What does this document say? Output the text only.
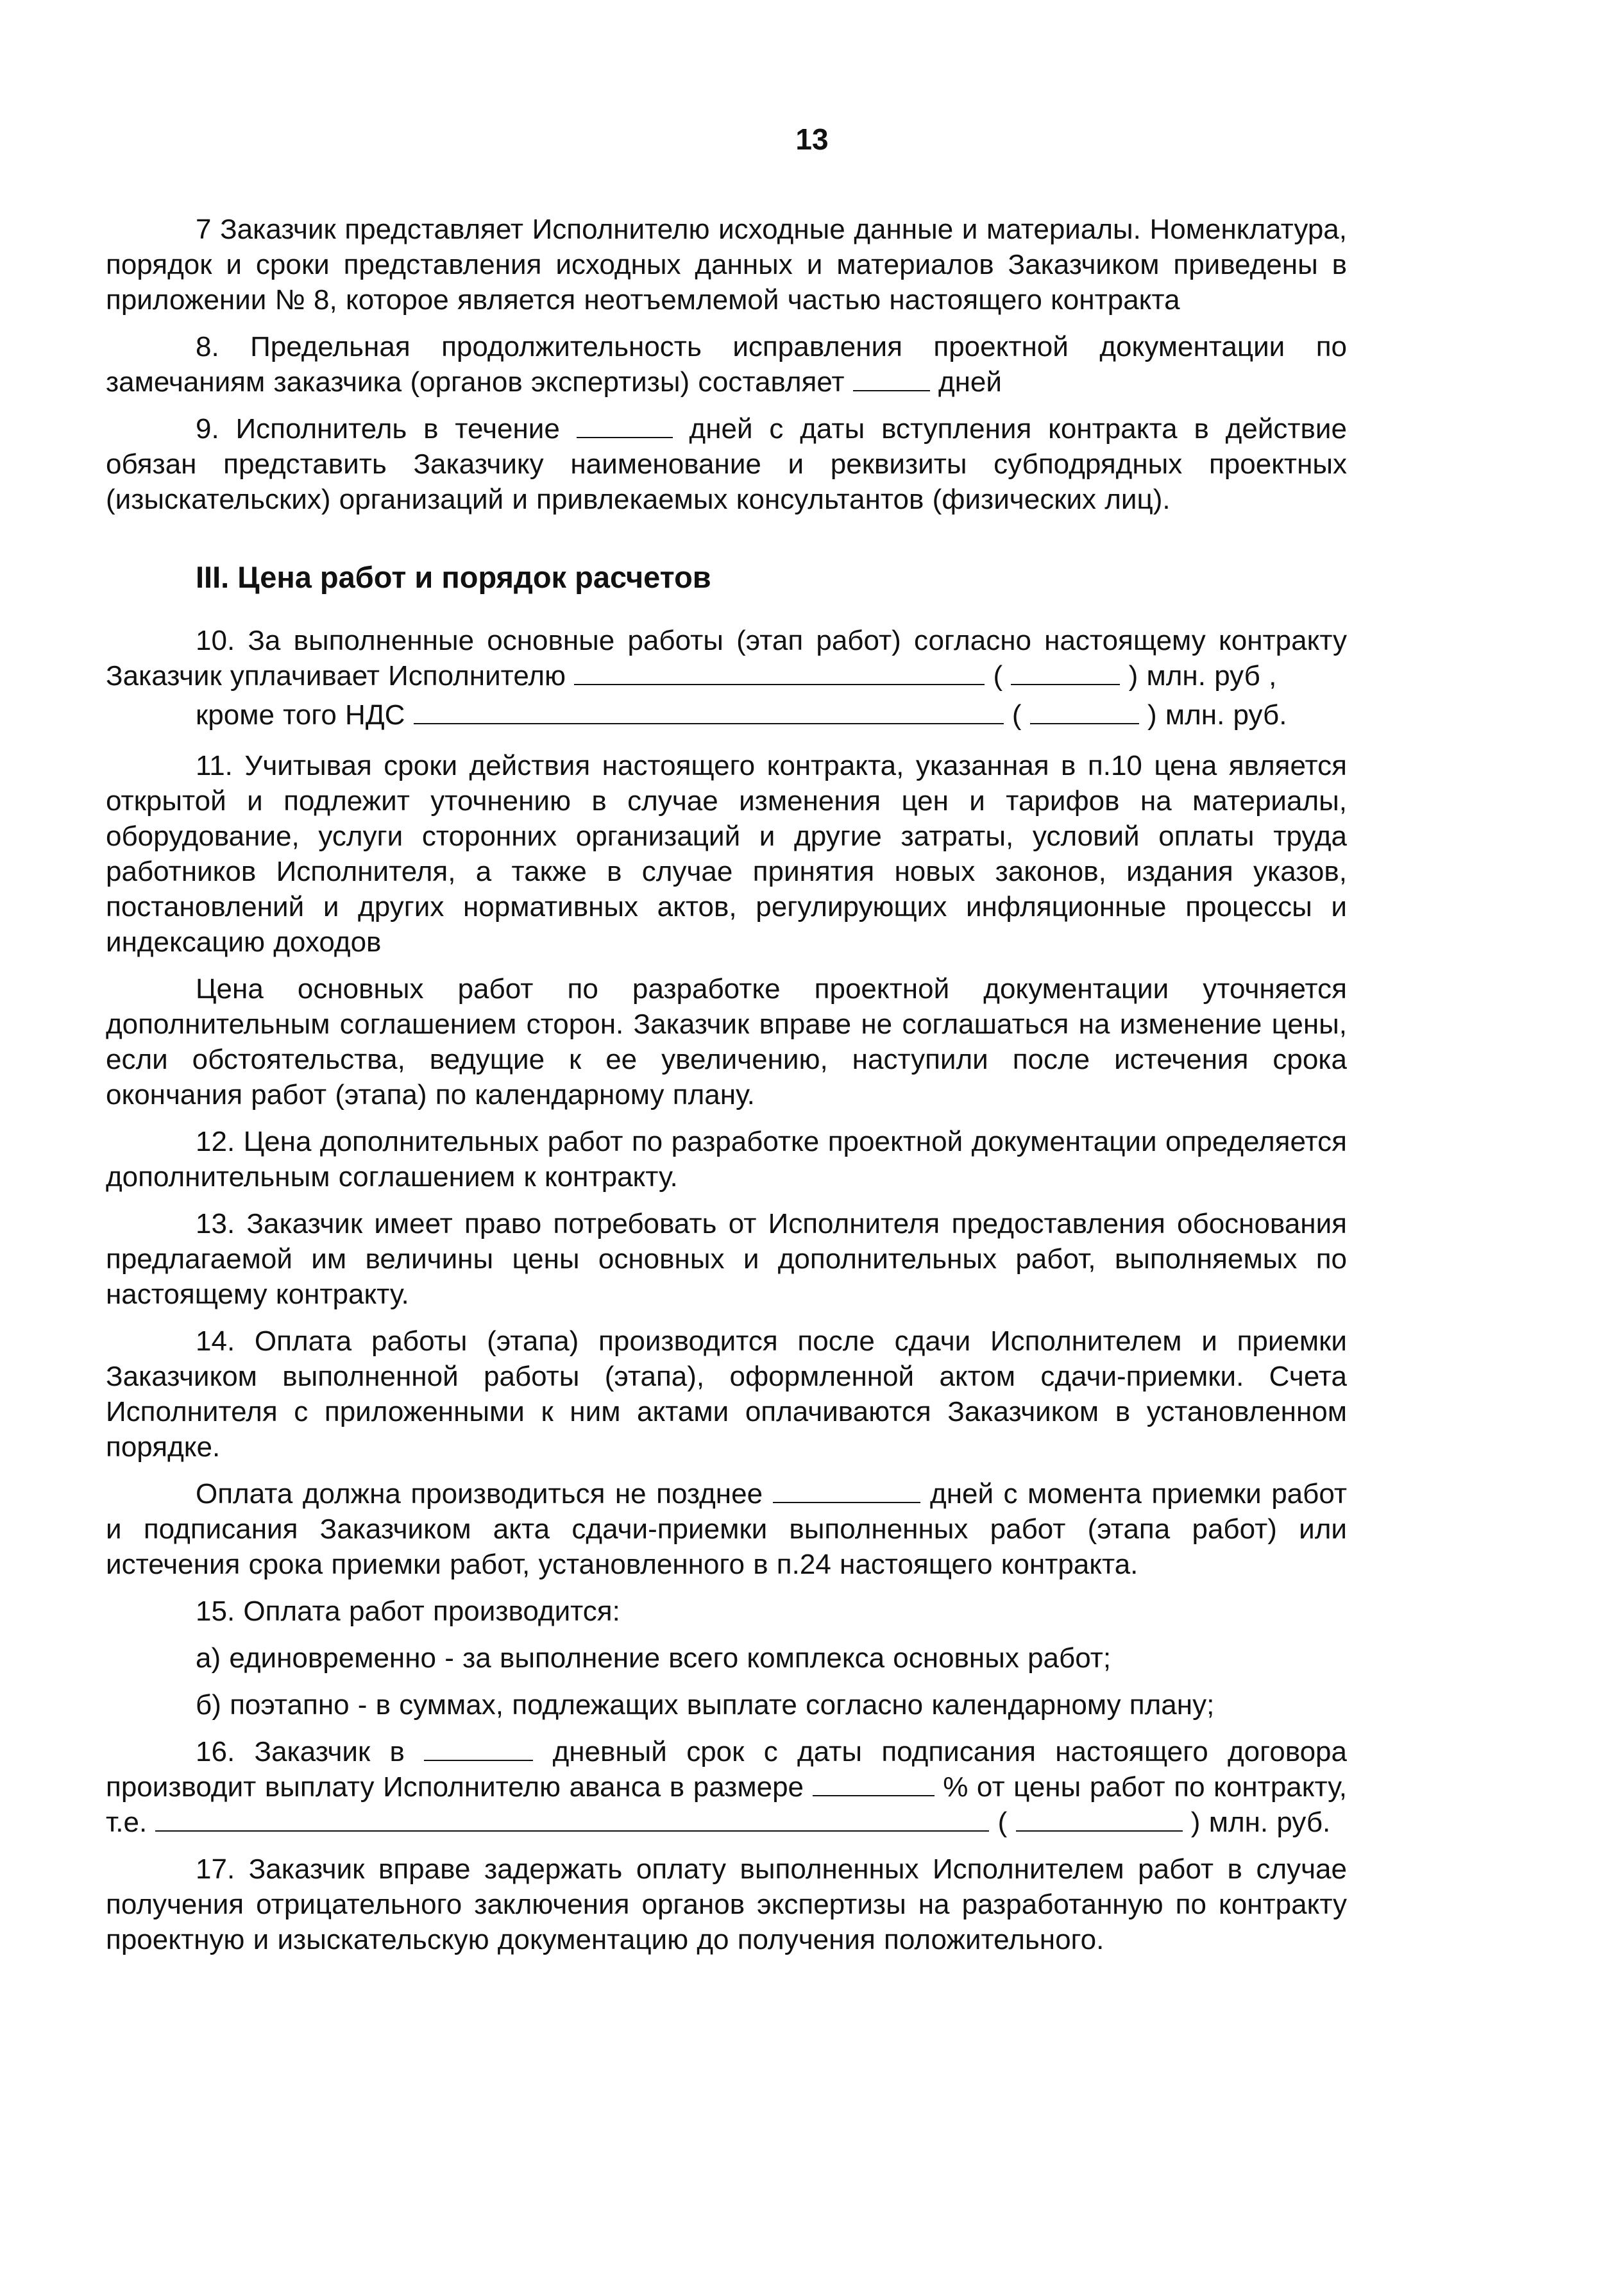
13

7 Заказчик представляет Исполнителю исходные данные и материалы. Номенклатура, порядок и сроки представления исходных данных и материалов Заказчиком приведены в приложении № 8, которое является неотъемлемой частью настоящего контракта

8. Предельная продолжительность исправления проектной документации по замечаниям заказчика (органов экспертизы) составляет	дней

9. Исполнитель в течение	дней с даты вступления контракта в действие обязан представить Заказчику наименование и реквизиты субподрядных проектных (изыскательских) организаций и привлекаемых консультантов (физических лиц).

III. Цена работ и порядок расчетов

10. За выполненные основные работы (этап работ) согласно настоящему контракту Заказчик уплачивает Исполнителю	(	) млн. руб ,

кроме того НДС	(	) млн. руб.

11. Учитывая сроки действия настоящего контракта, указанная в п.10 цена является открытой и подлежит уточнению в случае изменения цен и тарифов на материалы, оборудование, услуги сторонних организаций и другие затраты, условий оплаты труда работников Исполнителя, а также в случае принятия новых законов, издания указов, постановлений и других нормативных актов, регулирующих инфляционные процессы и индексацию доходов

Цена основных работ по разработке проектной документации уточняется дополнительным соглашением сторон. Заказчик вправе не соглашаться на изменение цены, если обстоятельства, ведущие к ее увеличению, наступили после истечения срока окончания работ (этапа) по календарному плану.

12. Цена дополнительных работ по разработке проектной документации определяется дополнительным соглашением к контракту.

13. Заказчик имеет право потребовать от Исполнителя предоставления обоснования предлагаемой им величины цены основных и дополнительных работ, выполняемых по настоящему контракту.

14. Оплата работы (этапа) производится после сдачи Исполнителем и приемки Заказчиком выполненной работы (этапа), оформленной актом сдачи-приемки. Счета Исполнителя с приложенными к ним актами оплачиваются Заказчиком в установленном порядке.

Оплата должна производиться не позднее	дней с момента приемки работ и подписания Заказчиком акта сдачи-приемки выполненных работ (этапа работ) или истечения срока приемки работ, установленного в п.24 настоящего контракта.

15. Оплата работ производится:

а) единовременно - за выполнение всего комплекса основных работ;

б) поэтапно - в суммах, подлежащих выплате согласно календарному плану;

16. Заказчик в	дневный срок с даты подписания настоящего договора производит выплату Исполнителю аванса в размере	% от цены работ по контракту, т.е.	(	) млн. руб.

17. Заказчик вправе задержать оплату выполненных Исполнителем работ в случае получения отрицательного заключения органов экспертизы на разработанную по контракту проектную и изыскательскую документацию до получения положительного.
